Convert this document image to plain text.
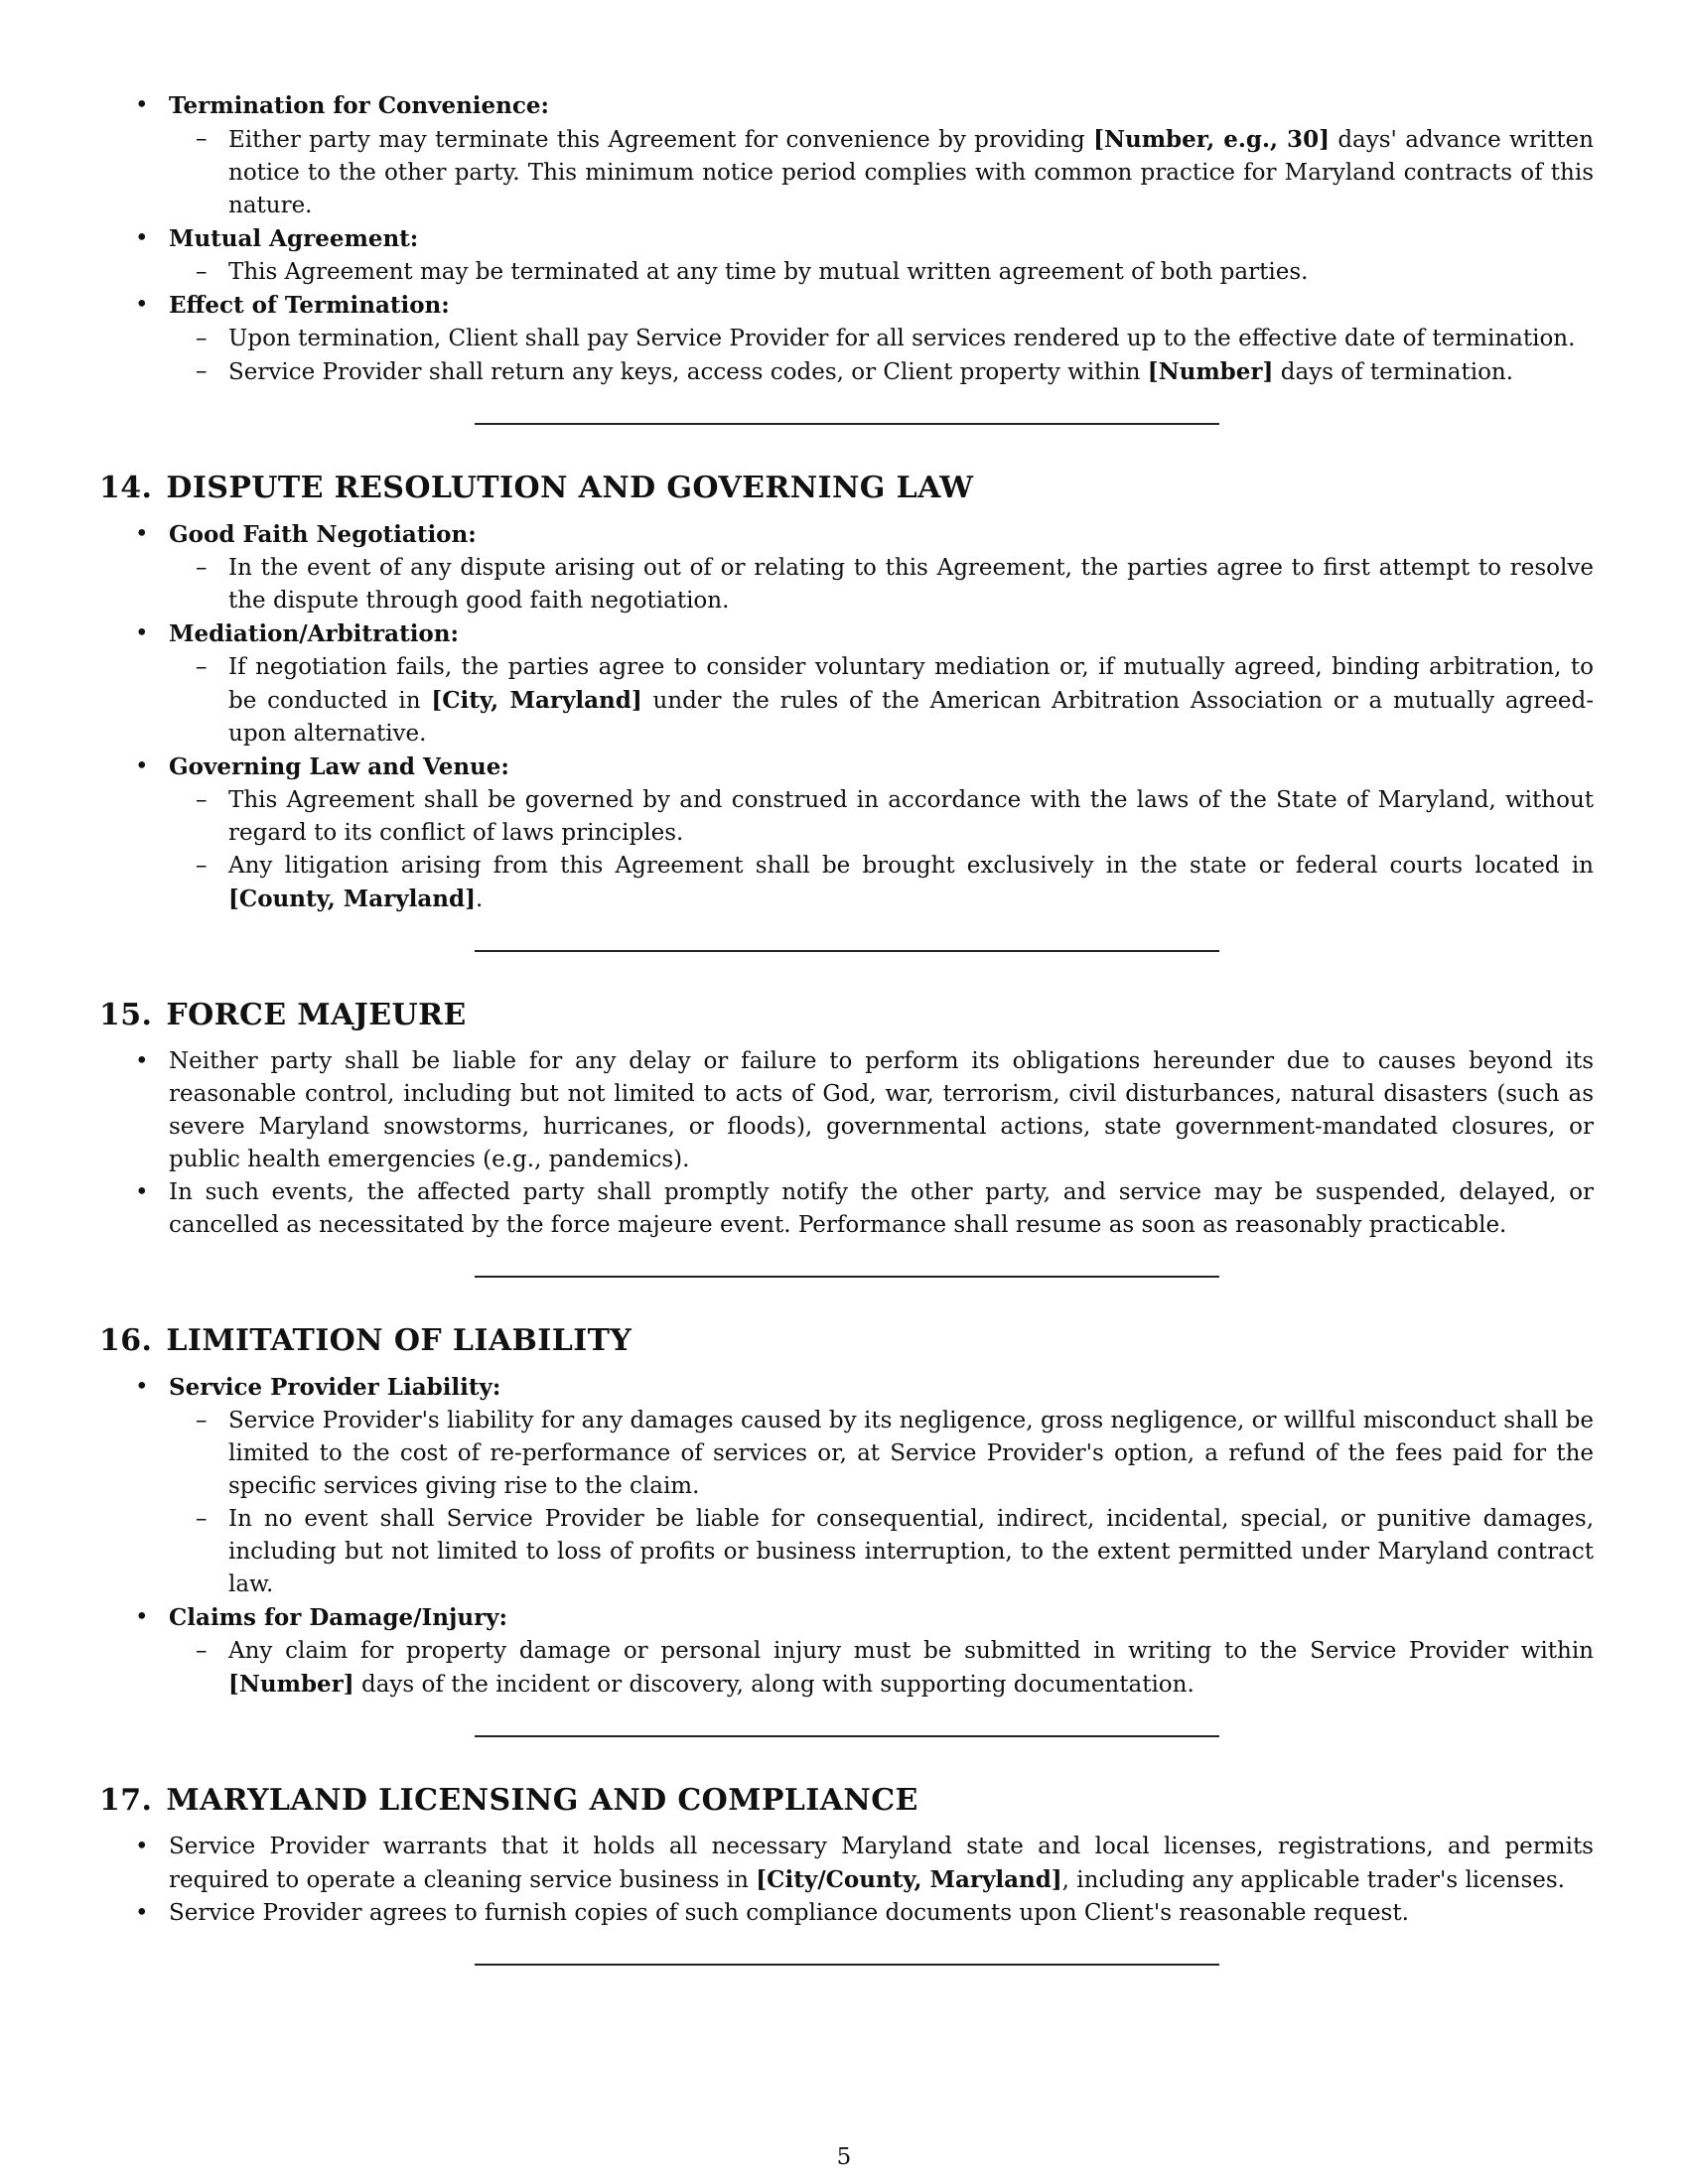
• Termination for Convenience:
– Either party may terminate this Agreement for convenience by providing [Number, e.g., 30] days' advance written notice to the other party. This minimum notice period complies with common practice for Maryland contracts of this nature.
• Mutual Agreement:
– This Agreement may be terminated at any time by mutual written agreement of both parties.
• Effect of Termination:
– Upon termination, Client shall pay Service Provider for all services rendered up to the effective date of termination.
– Service Provider shall return any keys, access codes, or Client property within [Number] days of termination.
14. DISPUTE RESOLUTION AND GOVERNING LAW
• Good Faith Negotiation:
– In the event of any dispute arising out of or relating to this Agreement, the parties agree to first attempt to resolve the dispute through good faith negotiation.
• Mediation/Arbitration:
– If negotiation fails, the parties agree to consider voluntary mediation or, if mutually agreed, binding arbitration, to be conducted in [City, Maryland] under the rules of the American Arbitration Association or a mutually agreed-upon alternative.
• Governing Law and Venue:
– This Agreement shall be governed by and construed in accordance with the laws of the State of Maryland, without regard to its conflict of laws principles.
– Any litigation arising from this Agreement shall be brought exclusively in the state or federal courts located in [County, Maryland].
15. FORCE MAJEURE
• Neither party shall be liable for any delay or failure to perform its obligations hereunder due to causes beyond its reasonable control, including but not limited to acts of God, war, terrorism, civil disturbances, natural disasters (such as severe Maryland snowstorms, hurricanes, or floods), governmental actions, state government-mandated closures, or public health emergencies (e.g., pandemics).
• In such events, the affected party shall promptly notify the other party, and service may be suspended, delayed, or cancelled as necessitated by the force majeure event. Performance shall resume as soon as reasonably practicable.
16. LIMITATION OF LIABILITY
• Service Provider Liability:
– Service Provider's liability for any damages caused by its negligence, gross negligence, or willful misconduct shall be limited to the cost of re-performance of services or, at Service Provider's option, a refund of the fees paid for the specific services giving rise to the claim.
– In no event shall Service Provider be liable for consequential, indirect, incidental, special, or punitive damages, including but not limited to loss of profits or business interruption, to the extent permitted under Maryland contract law.
• Claims for Damage/Injury:
– Any claim for property damage or personal injury must be submitted in writing to the Service Provider within [Number] days of the incident or discovery, along with supporting documentation.
17. MARYLAND LICENSING AND COMPLIANCE
• Service Provider warrants that it holds all necessary Maryland state and local licenses, registrations, and permits required to operate a cleaning service business in [City/County, Maryland], including any applicable trader's licenses.
• Service Provider agrees to furnish copies of such compliance documents upon Client's reasonable request.
5
